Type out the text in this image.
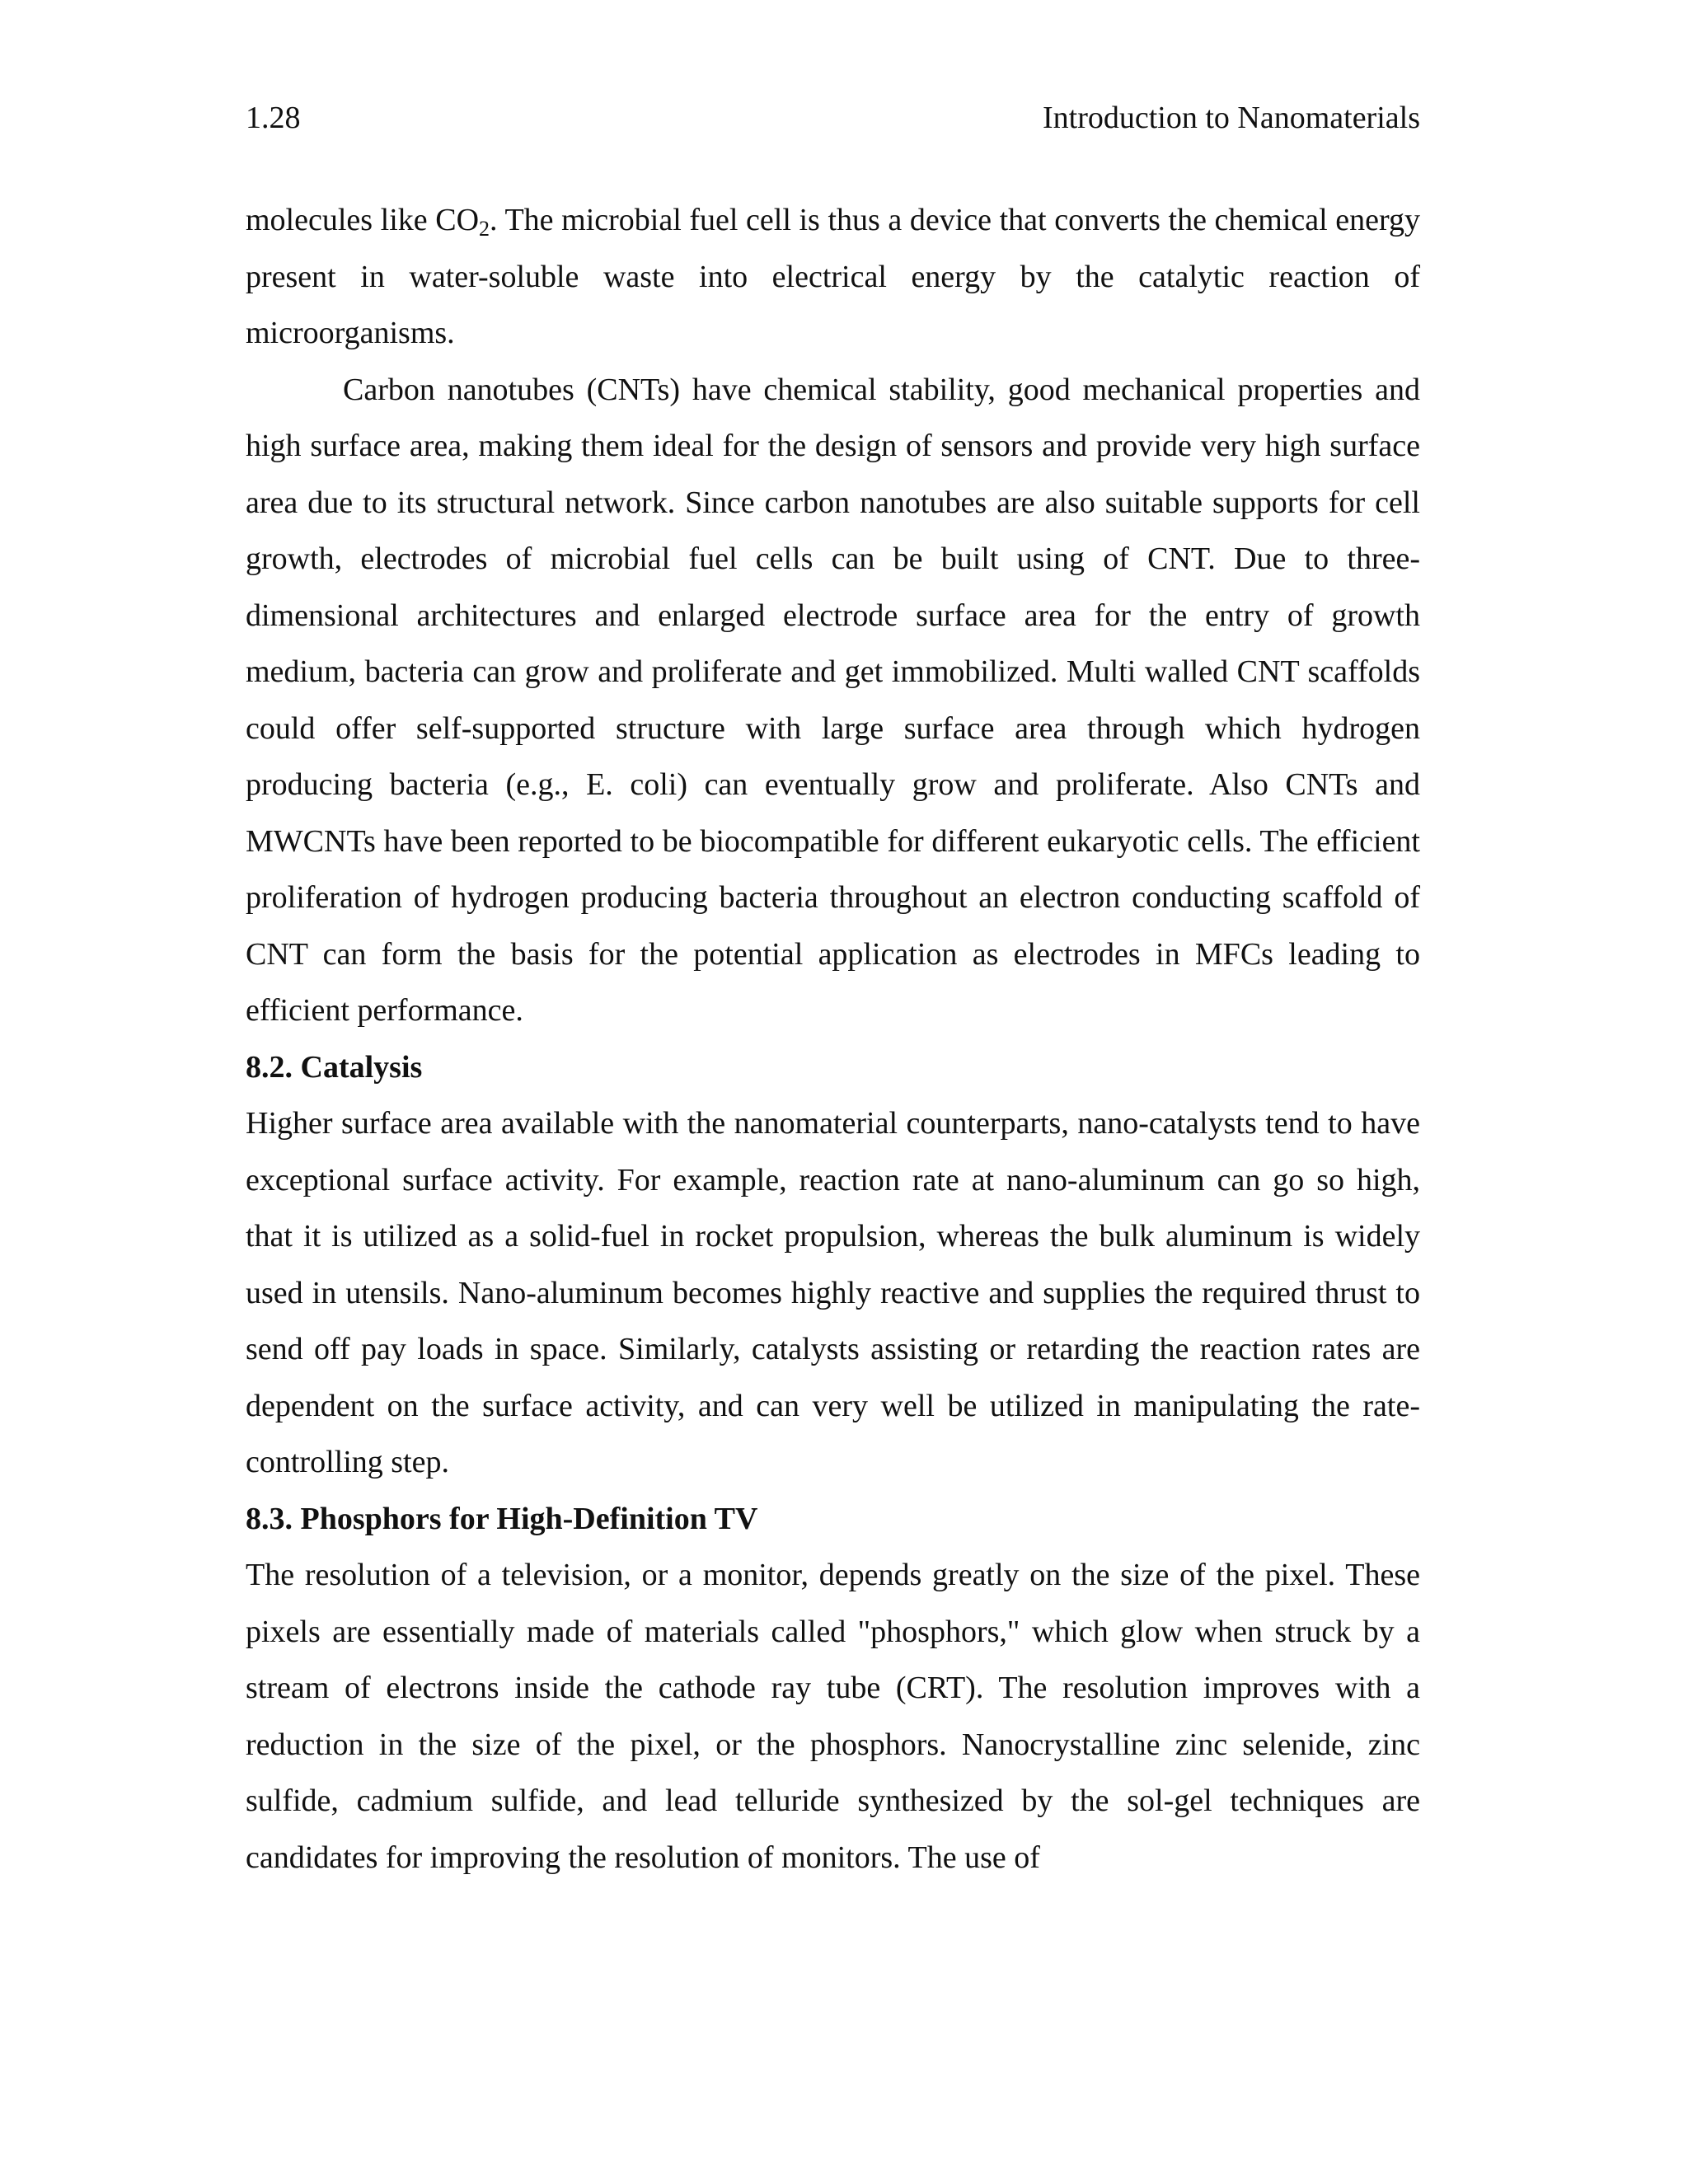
1.28	Introduction to Nanomaterials

molecules like $CO_2$. The microbial fuel cell is thus a device that converts the chemical energy present in water-soluble waste into electrical energy by the catalytic reaction of microorganisms.

Carbon nanotubes (CNTs) have chemical stability, good mechanical properties and high surface area, making them ideal for the design of sensors and provide very high surface area due to its structural network. Since carbon nanotubes are also suitable supports for cell growth, electrodes of microbial fuel cells can be built using of CNT. Due to three-dimensional architectures and enlarged electrode surface area for the entry of growth medium, bacteria can grow and proliferate and get immobilized. Multi walled CNT scaffolds could offer self-supported structure with large surface area through which hydrogen producing bacteria (e.g., E. coli) can eventually grow and proliferate. Also CNTs and MWCNTs have been reported to be biocompatible for different eukaryotic cells. The efficient proliferation of hydrogen producing bacteria throughout an electron conducting scaffold of CNT can form the basis for the potential application as electrodes in MFCs leading to efficient performance.

8.2. Catalysis

Higher surface area available with the nanomaterial counterparts, nano-catalysts tend to have exceptional surface activity. For example, reaction rate at nano-aluminum can go so high, that it is utilized as a solid-fuel in rocket propulsion, whereas the bulk aluminum is widely used in utensils. Nano-aluminum becomes highly reactive and supplies the required thrust to send off pay loads in space. Similarly, catalysts assisting or retarding the reaction rates are dependent on the surface activity, and can very well be utilized in manipulating the rate-controlling step.

8.3. Phosphors for High-Definition TV

The resolution of a television, or a monitor, depends greatly on the size of the pixel. These pixels are essentially made of materials called "phosphors," which glow when struck by a stream of electrons inside the cathode ray tube (CRT). The resolution improves with a reduction in the size of the pixel, or the phosphors. Nanocrystalline zinc selenide, zinc sulfide, cadmium sulfide, and lead telluride synthesized by the sol-gel techniques are candidates for improving the resolution of monitors. The use of
